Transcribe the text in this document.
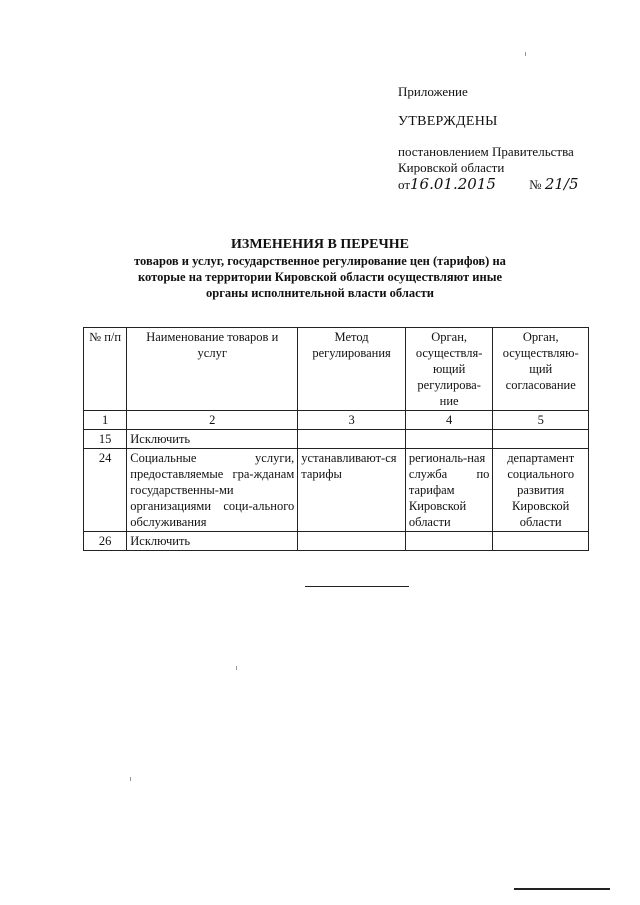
Приложение
УТВЕРЖДЕНЫ
постановлением Правительства
Кировской области
от16.01.2015	№ 21/5
ИЗМЕНЕНИЯ В ПЕРЕЧНЕ
товаров и услуг, государственное регулирование цен (тарифов) на
которые на территории Кировской области осуществляют иные
органы исполнительной власти области
№ п/п	Наименование товаров и услуг	Метод регулирования	Орган, осуществля-ющий регулирова-ние	Орган, осуществляю-щий согласование
1	2	3	4	5
15	Исключить			
24	Социальные услуги, предоставляемые гра-жданам государственны-ми организациями соци-ального обслуживания	устанавливают-ся тарифы	региональ-ная служба по тарифам Кировской области	департамент социального развития Кировской области
26	Исключить			
